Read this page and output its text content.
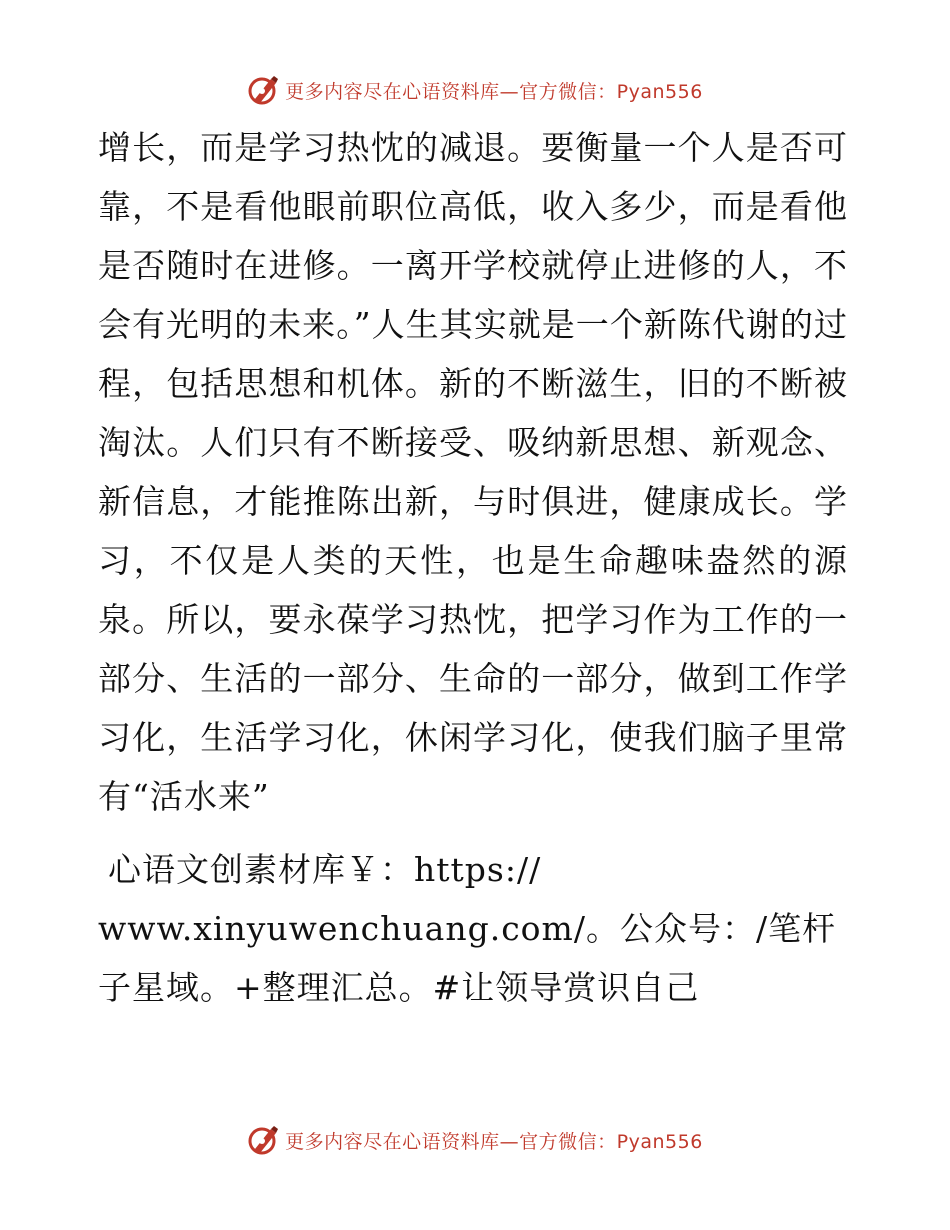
更多内容尽在心语资料库—官方微信：Pyan556

增长，而是学习热忱的减退。要衡量一个人是否可靠，不是看他眼前职位高低，收入多少，而是看他是否随时在进修。一离开学校就停止进修的人，不会有光明的未来。”人生其实就是一个新陈代谢的过程，包括思想和机体。新的不断滋生，旧的不断被淘汰。人们只有不断接受、吸纳新思想、新观念、新信息，才能推陈出新，与时俱进，健康成长。学习，不仅是人类的天性，也是生命趣味盎然的源泉。所以，要永葆学习热忱，把学习作为工作的一部分、生活的一部分、生命的一部分，做到工作学习化，生活学习化，休闲学习化，使我们脑子里常有“活水来”

心语文创素材库￥：https://
www.xinyuwenchuang.com/。公众号：/笔杆子星域。+整理汇总。#让领导赏识自己

更多内容尽在心语资料库—官方微信：Pyan556
